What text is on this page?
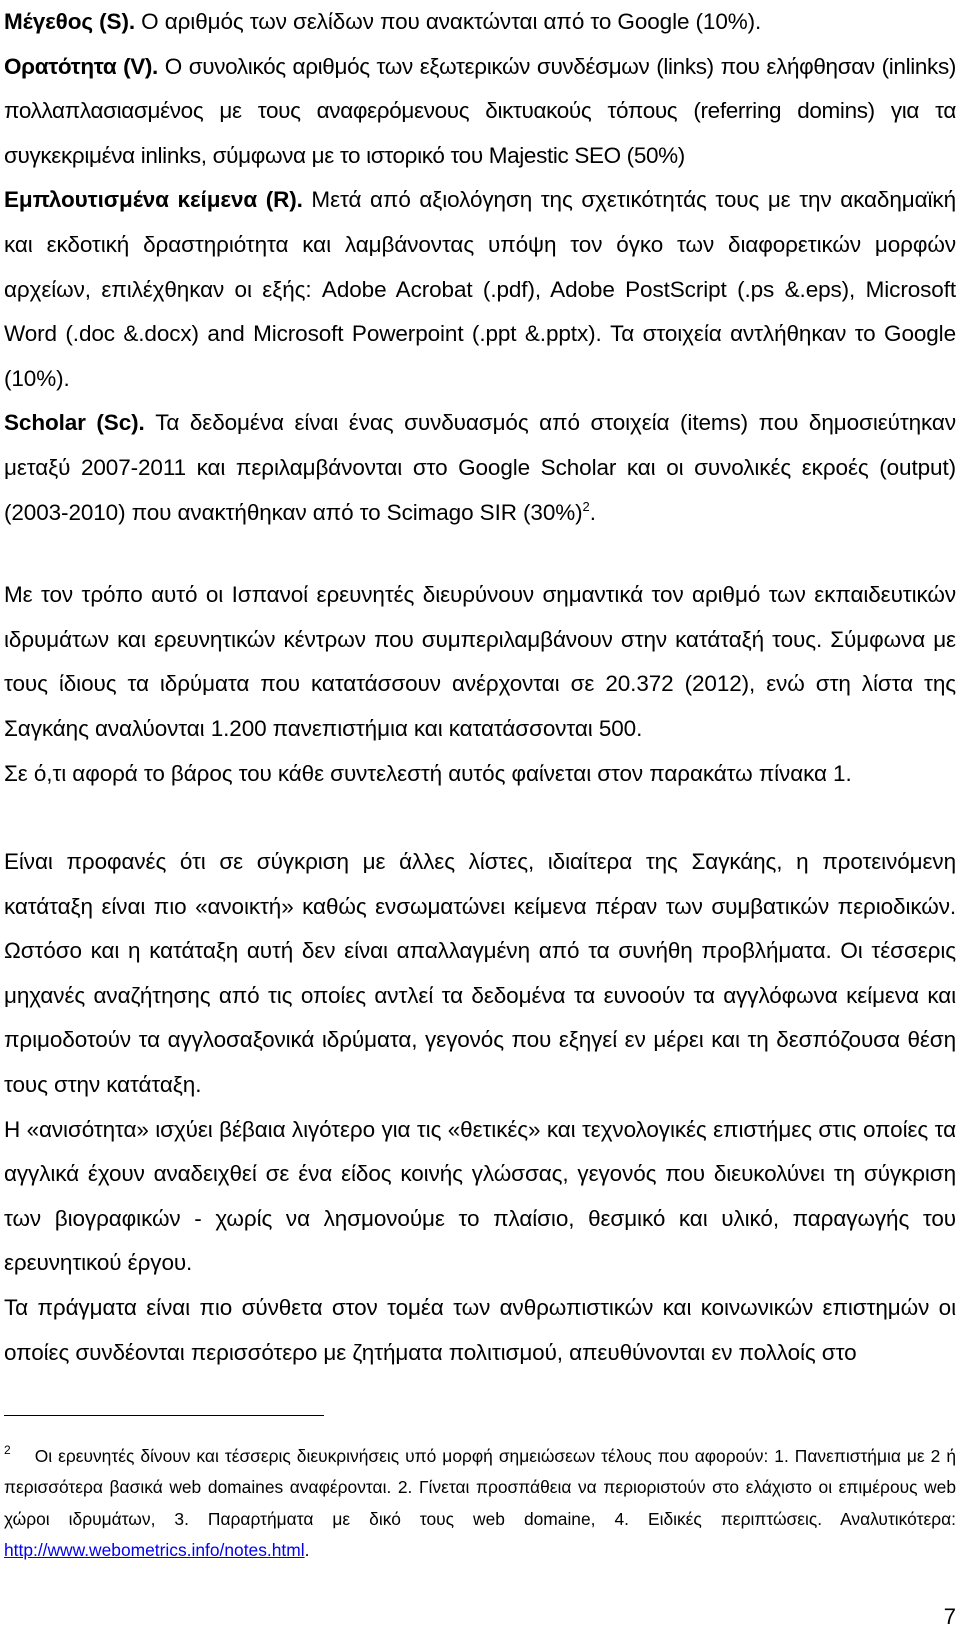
Μέγεθος (S). Ο αριθμός των σελίδων που ανακτώνται από το Google (10%).

Ορατότητα (V). Ο συνολικός αριθμός των εξωτερικών συνδέσμων (links) που ελήφθησαν (inlinks) πολλαπλασιασμένος με τους αναφερόμενους δικτυακούς τόπους (referring domins) για τα συγκεκριμένα inlinks, σύμφωνα με το ιστορικό του Majestic SEO (50%)

Εμπλουτισμένα κείμενα (R). Μετά από αξιολόγηση της σχετικότητάς τους με την ακαδημαϊκή και εκδοτική δραστηριότητα και λαμβάνοντας υπόψη τον όγκο των διαφορετικών μορφών αρχείων, επιλέχθηκαν οι εξής: Adobe Acrobat (.pdf), Adobe PostScript (.ps &.eps), Microsoft Word (.doc &.docx) and Microsoft Powerpoint (.ppt &.pptx). Τα στοιχεία αντλήθηκαν το Google (10%).

Scholar (Sc). Τα δεδομένα είναι ένας συνδυασμός από στοιχεία (items) που δημοσιεύτηκαν μεταξύ 2007-2011 και περιλαμβάνονται στο Google Scholar και οι συνολικές εκροές (output) (2003-2010) που ανακτήθηκαν από το Scimago SIR $(30\%)^2$.

Με τον τρόπο αυτό οι Ισπανοί ερευνητές διευρύνουν σημαντικά τον αριθμό των εκπαιδευτικών ιδρυμάτων και ερευνητικών κέντρων που συμπεριλαμβάνουν στην κατάταξή τους. Σύμφωνα με τους ίδιους τα ιδρύματα που κατατάσσουν ανέρχονται σε 20.372 (2012), ενώ στη λίστα της Σαγκάης αναλύονται 1.200 πανεπιστήμια και κατατάσσονται 500.

Σε ό,τι αφορά το βάρος του κάθε συντελεστή αυτός φαίνεται στον παρακάτω πίνακα 1.

Είναι προφανές ότι σε σύγκριση με άλλες λίστες, ιδιαίτερα της Σαγκάης, η προτεινόμενη κατάταξη είναι πιο «ανοικτή» καθώς ενσωματώνει κείμενα πέραν των συμβατικών περιοδικών. Ωστόσο και η κατάταξη αυτή δεν είναι απαλλαγμένη από τα συνήθη προβλήματα. Οι τέσσερις μηχανές αναζήτησης από τις οποίες αντλεί τα δεδομένα τα ευνοούν τα αγγλόφωνα κείμενα και πριμοδοτούν τα αγγλοσαξονικά ιδρύματα, γεγονός που εξηγεί εν μέρει και τη δεσπόζουσα θέση τους στην κατάταξη.

Η «ανισότητα» ισχύει βέβαια λιγότερο για τις «θετικές» και τεχνολογικές επιστήμες στις οποίες τα αγγλικά έχουν αναδειχθεί σε ένα είδος κοινής γλώσσας, γεγονός που διευκολύνει τη σύγκριση των βιογραφικών - χωρίς να λησμονούμε το πλαίσιο, θεσμικό και υλικό, παραγωγής του ερευνητικού έργου.

Τα πράγματα είναι πιο σύνθετα στον τομέα των ανθρωπιστικών και κοινωνικών επιστημών οι οποίες συνδέονται περισσότερο με ζητήματα πολιτισμού, απευθύνονται εν πολλοίς στο

$^2$ Οι ερευνητές δίνουν και τέσσερις διευκρινήσεις υπό μορφή σημειώσεων τέλους που αφορούν: 1. Πανεπιστήμια με 2 ή περισσότερα βασικά web domaines αναφέρονται. 2. Γίνεται προσπάθεια να περιοριστούν στο ελάχιστο οι επιμέρους web χώροι ιδρυμάτων, 3. Παραρτήματα με δικό τους web domaine, 4. Ειδικές περιπτώσεις. Αναλυτικότερα: http://www.webometrics.info/notes.html.

7
